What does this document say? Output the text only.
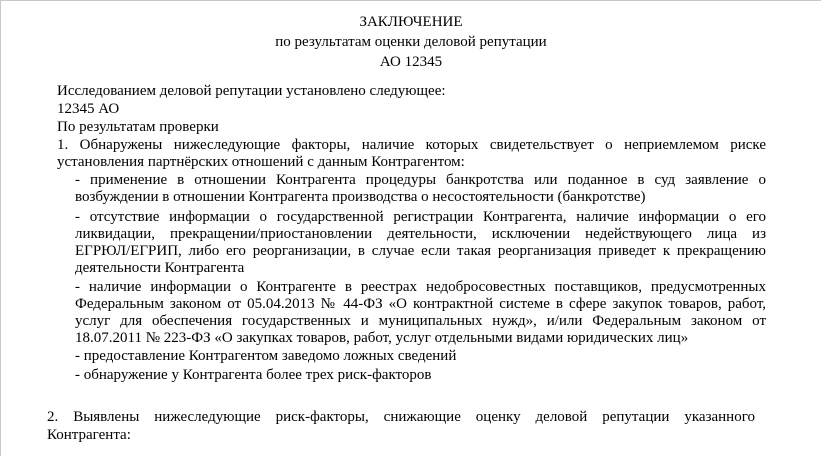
ЗАКЛЮЧЕНИЕ
по результатам оценки деловой репутации
АО 12345
Исследованием деловой репутации установлено следующее:
12345 АО
По результатам проверки
1. Обнаружены нижеследующие факторы, наличие которых свидетельствует о неприемлемом риске
установления партнёрских отношений с данным Контрагентом:
- применение в отношении Контрагента процедуры банкротства или поданное в суд заявление о
возбуждении в отношении Контрагента производства о несостоятельности (банкротстве)
- отсутствие информации о государственной регистрации Контрагента, наличие информации о его
ликвидации, прекращении/приостановлении деятельности, исключении недействующего лица из
ЕГРЮЛ/ЕГРИП, либо его реорганизации, в случае если такая реорганизация приведет к прекращению
деятельности Контрагента
- наличие информации о Контрагенте в реестрах недобросовестных поставщиков, предусмотренных
Федеральным законом от 05.04.2013 № 44-ФЗ «О контрактной системе в сфере закупок товаров, работ,
услуг для обеспечения государственных и муниципальных нужд», и/или Федеральным законом от
18.07.2011 № 223-ФЗ «О закупках товаров, работ, услуг отдельными видами юридических лиц»
- предоставление Контрагентом заведомо ложных сведений
- обнаружение у Контрагента более трех риск-факторов
2. Выявлены нижеследующие риск-факторы, снижающие оценку деловой репутации указанного
Контрагента:
